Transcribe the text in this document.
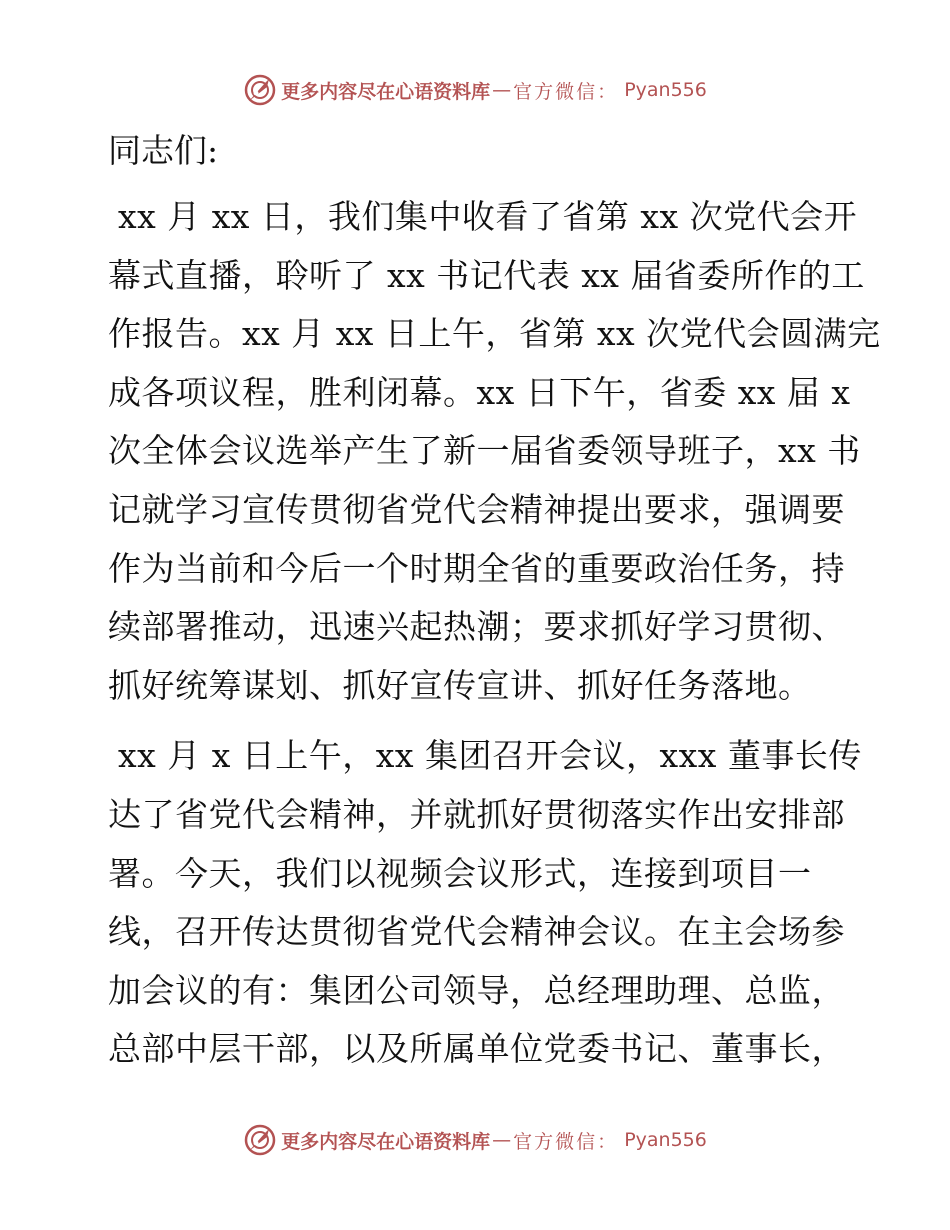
更多内容尽在心语资料库 — 官方微信： Pyan556
同志们:
xx 月 xx 日，我们集中收看了省第 xx 次党代会开
幕式直播，聆听了 xx 书记代表 xx 届省委所作的工
作报告。xx 月 xx 日上午，省第 xx 次党代会圆满完
成各项议程，胜利闭幕。xx 日下午，省委 xx 届 x
次全体会议选举产生了新一届省委领导班子，xx 书
记就学习宣传贯彻省党代会精神提出要求，强调要
作为当前和今后一个时期全省的重要政治任务，持
续部署推动，迅速兴起热潮；要求抓好学习贯彻、
抓好统筹谋划、抓好宣传宣讲、抓好任务落地。
xx 月 x 日上午，xx 集团召开会议，xxx 董事长传
达了省党代会精神，并就抓好贯彻落实作出安排部
署。今天，我们以视频会议形式，连接到项目一
线，召开传达贯彻省党代会精神会议。在主会场参
加会议的有：集团公司领导，总经理助理、总监，
总部中层干部，以及所属单位党委书记、董事长，
更多内容尽在心语资料库 — 官方微信： Pyan556
